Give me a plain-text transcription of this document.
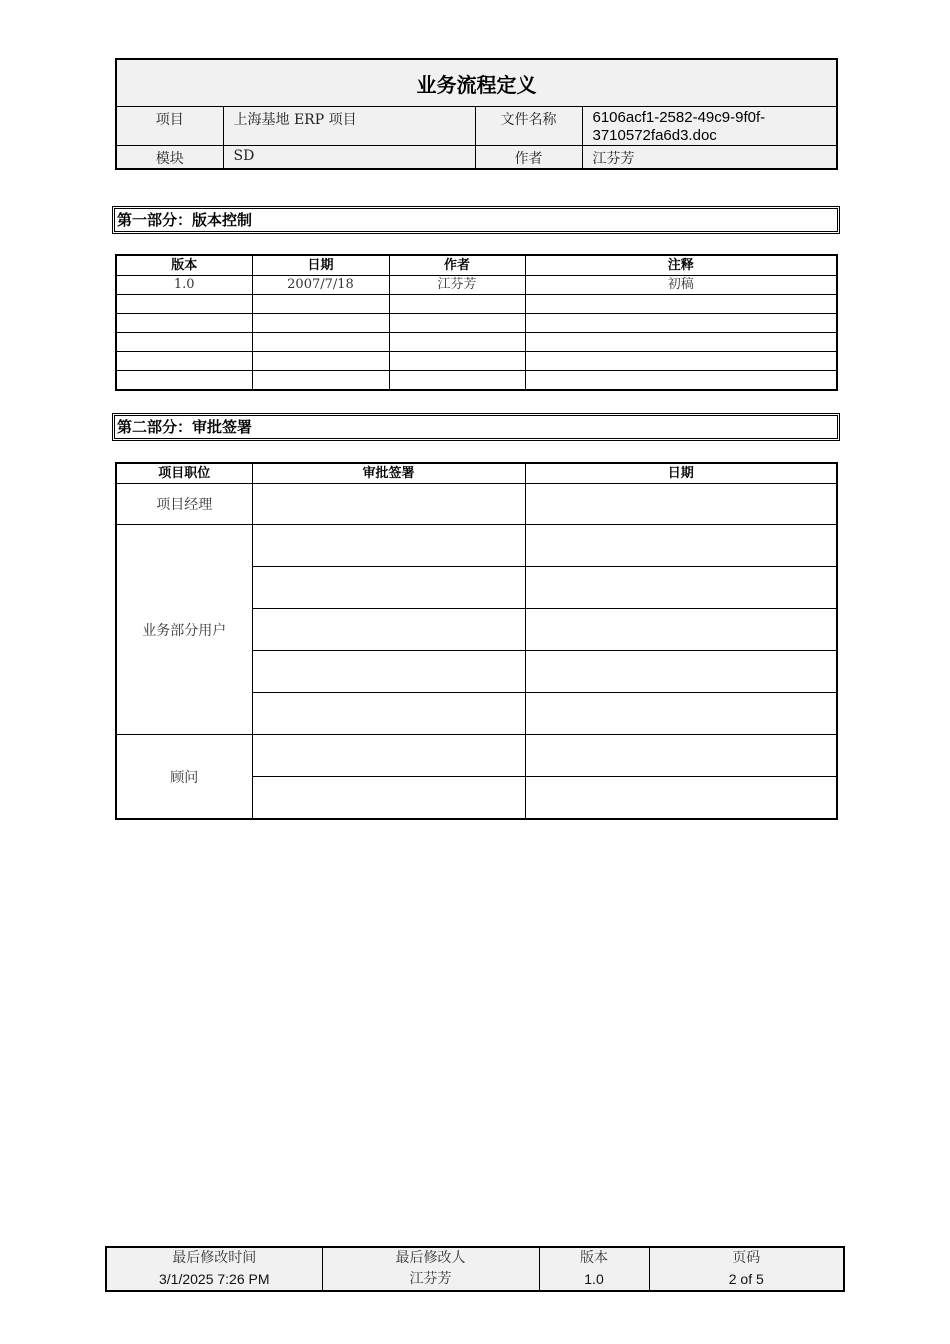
业务流程定义			
项目	上海基地 ERP 项目	文件名称	6106acf1-2582-49c9-9f0f-3710572fa6d3.doc
模块	SD	作者	江芬芳
第一部分：版本控制
版本	日期	作者	注释
1.0	2007/7/18	江芬芳	初稿

第二部分：审批签署
项目职位	审批签署	日期
项目经理		
业务部分用户		

顾问		

最后修改时间	最后修改人	版本	页码
3/1/2025 7:26 PM	江芬芳	1.0	2 of 5
